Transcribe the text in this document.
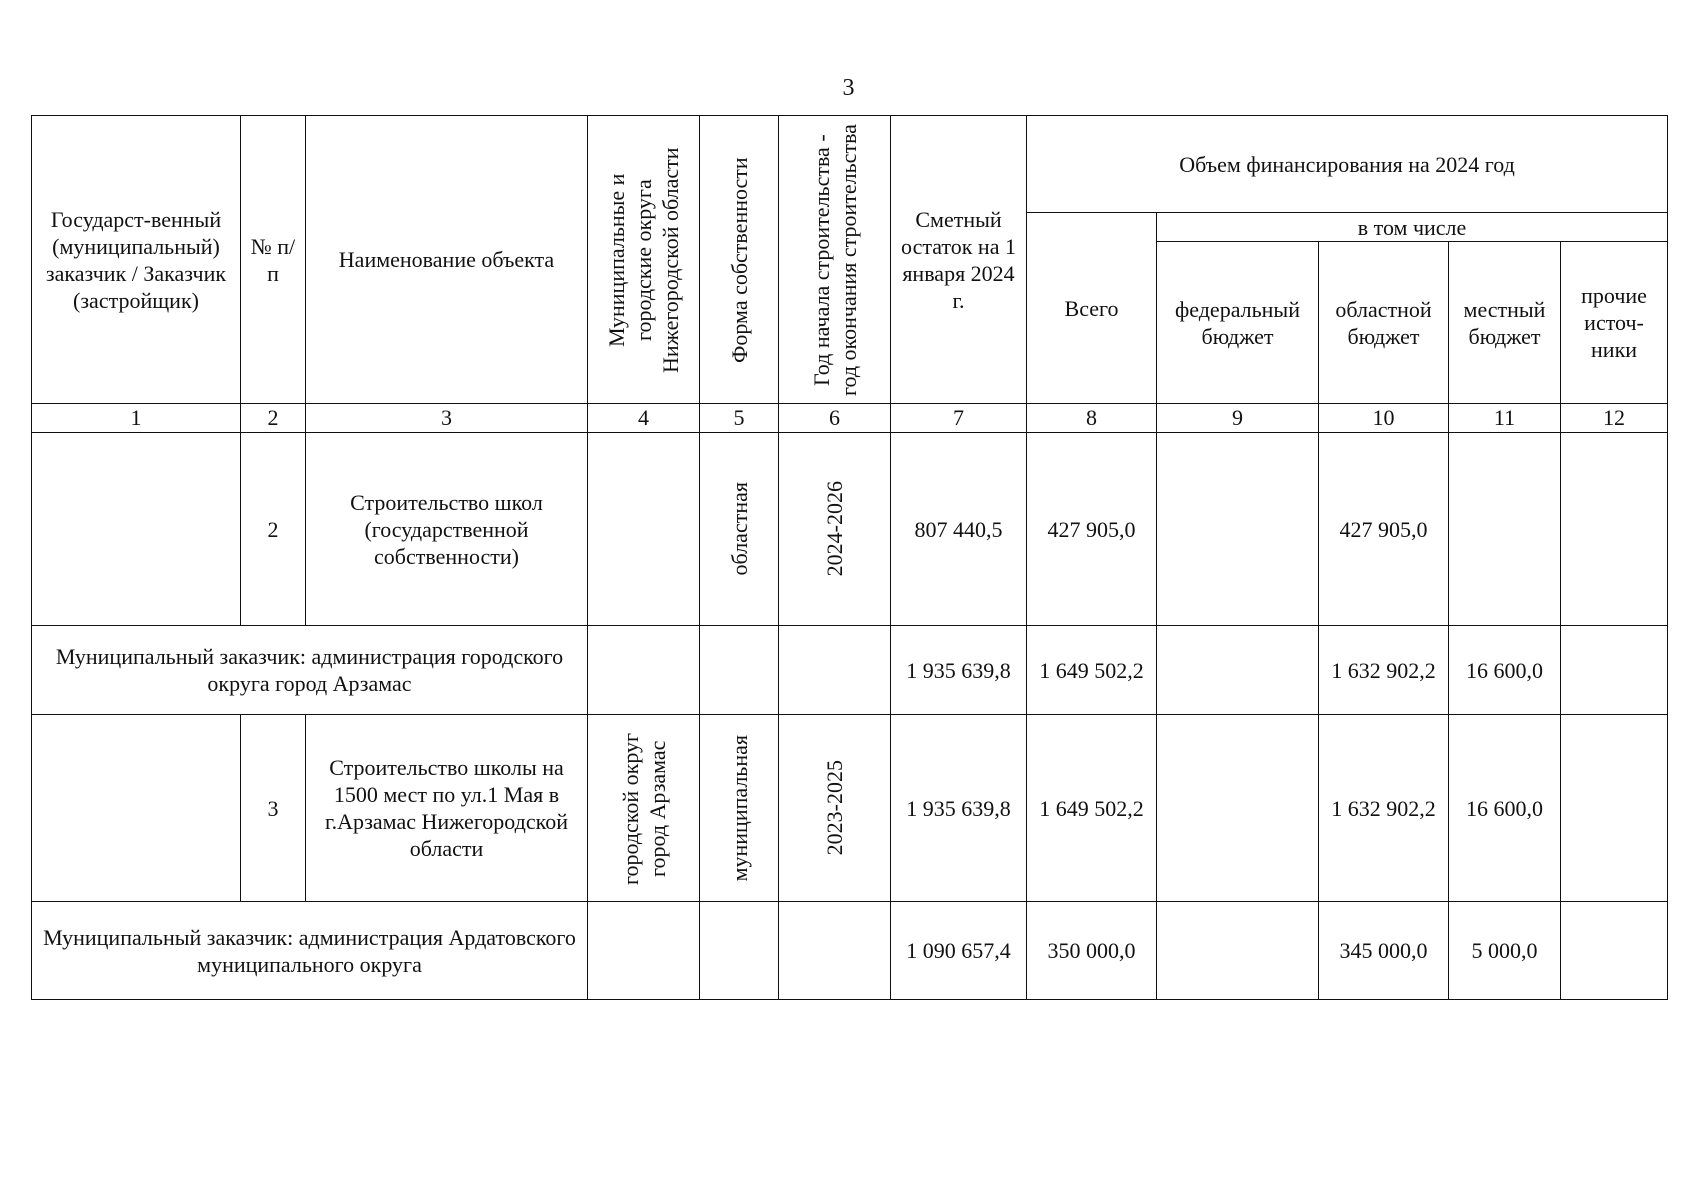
3
Государст-венный (муниципальный) заказчик / Заказчик (застройщик)	№ п/п	Наименование объекта	Муниципальные и городские округа Нижегородской области	Форма собственности	Год начала строительства - год окончания строительства	Сметный остаток на 1 января 2024 г.	Объем финансирования на 2024 год				
							Всего	в том числе			
								федеральный бюджет	областной бюджет	местный бюджет	прочие источ-ники
1	2	3	4	5	6	7	8	9	10	11	12
	2	Строительство школ (государственной собственности)		областная	2024-2026	807 440,5	427 905,0		427 905,0		
Муниципальный заказчик: администрация городского округа город Арзамас						1 935 639,8	1 649 502,2		1 632 902,2	16 600,0	
	3	Строительство школы на 1500 мест по ул.1 Мая в г.Арзамас Нижегородской области	городской округ город Арзамас	муниципальная	2023-2025	1 935 639,8	1 649 502,2		1 632 902,2	16 600,0	
Муниципальный заказчик: администрация Ардатовского муниципального округа						1 090 657,4	350 000,0		345 000,0	5 000,0	
